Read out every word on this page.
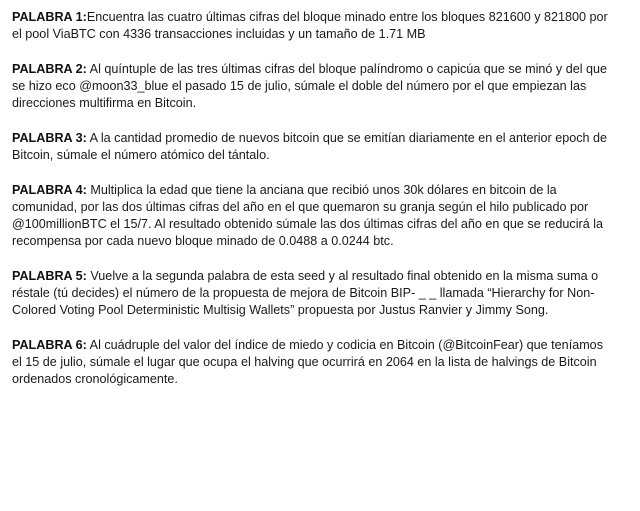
PALABRA 1:Encuentra las cuatro últimas cifras del bloque minado entre los bloques 821600 y 821800 por el pool ViaBTC con 4336 transacciones incluidas y un tamaño de 1.71 MB

PALABRA 2: Al quíntuple de las tres últimas cifras del bloque palíndromo o capicúa que se minó y del que se hizo eco @moon33_blue el pasado 15 de julio, súmale el doble del número por el que empiezan las direcciones multifirma en Bitcoin.

PALABRA 3: A la cantidad promedio de nuevos bitcoin que se emitían diariamente en el anterior epoch de Bitcoin, súmale el número atómico del tántalo.

PALABRA 4: Multiplica la edad que tiene la anciana que recibió unos 30k dólares en bitcoin de la comunidad, por las dos últimas cifras del año en el que quemaron su granja según el hilo publicado por @100millionBTC el 15/7. Al resultado obtenido súmale las dos últimas cifras del año en que se reducirá la recompensa por cada nuevo bloque minado de 0.0488 a 0.0244 btc.

PALABRA 5: Vuelve a la segunda palabra de esta seed y al resultado final obtenido en la misma suma o réstale (tú decides) el número de la propuesta de mejora de Bitcoin BIP- _ _ llamada “Hierarchy for Non-Colored Voting Pool Deterministic Multisig Wallets” propuesta por Justus Ranvier y Jimmy Song.

PALABRA 6: Al cuádruple del valor del índice de miedo y codicia en Bitcoin (@BitcoinFear) que teníamos el 15 de julio, súmale el lugar que ocupa el halving que ocurrirá en 2064 en la lista de halvings de Bitcoin ordenados cronológicamente.
